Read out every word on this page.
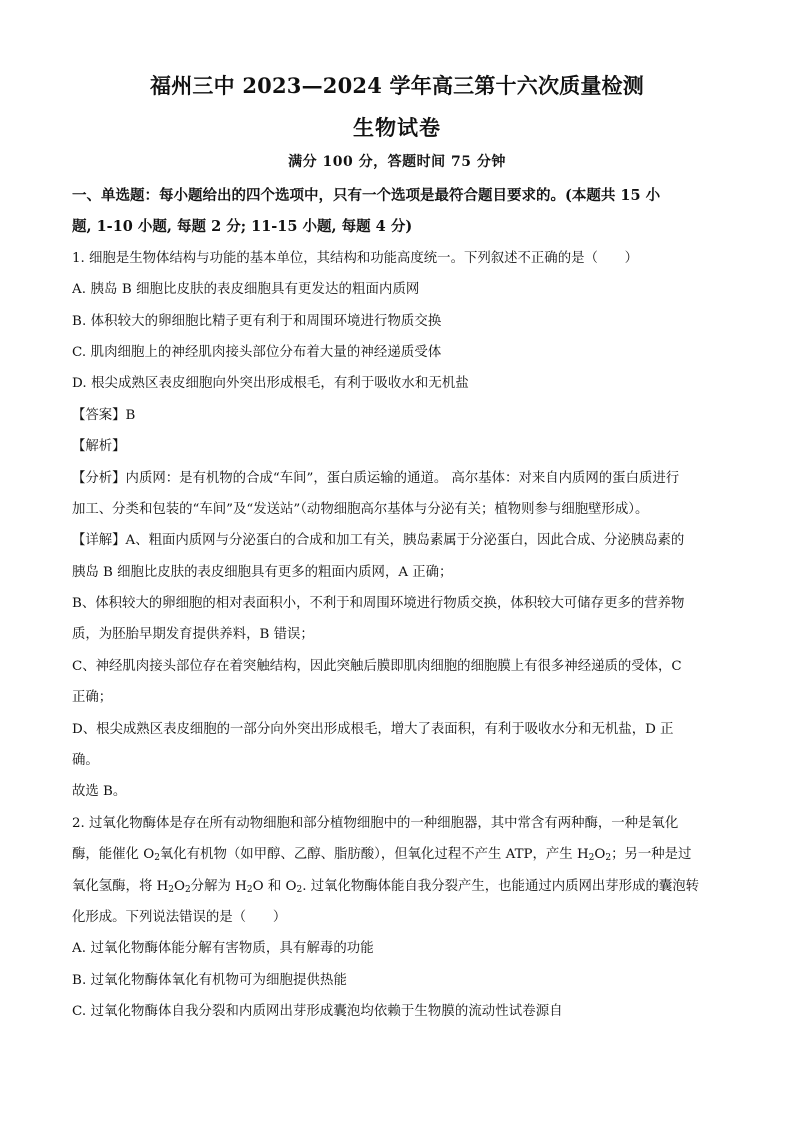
福州三中 2023—2024 学年高三第十六次质量检测
生物试卷
满分 100 分，答题时间 75 分钟
一、单选题：每小题给出的四个选项中，只有一个选项是最符合题目要求的。(本题共 15 小
题, 1-10 小题, 每题 2 分; 11-15 小题, 每题 4 分)
1. 细胞是生物体结构与功能的基本单位，其结构和功能高度统一。下列叙述不正确的是（　　）
A. 胰岛 B 细胞比皮肤的表皮细胞具有更发达的粗面内质网
B. 体积较大的卵细胞比精子更有利于和周围环境进行物质交换
C. 肌肉细胞上的神经肌肉接头部位分布着大量的神经递质受体
D. 根尖成熟区表皮细胞向外突出形成根毛，有利于吸收水和无机盐
【答案】B
【解析】
【分析】内质网：是有机物的合成“车间”，蛋白质运输的通道。 高尔基体：对来自内质网的蛋白质进行
加工、分类和包装的“车间”及“发送站”（动物细胞高尔基体与分泌有关；植物则参与细胞壁形成）。
【详解】A、粗面内质网与分泌蛋白的合成和加工有关，胰岛素属于分泌蛋白，因此合成、分泌胰岛素的
胰岛 B 细胞比皮肤的表皮细胞具有更多的粗面内质网，A 正确；
B、体积较大的卵细胞的相对表面积小，不利于和周围环境进行物质交换，体积较大可储存更多的营养物
质，为胚胎早期发育提供养料，B 错误；
C、神经肌肉接头部位存在着突触结构，因此突触后膜即肌肉细胞的细胞膜上有很多神经递质的受体，C
正确；
D、根尖成熟区表皮细胞的一部分向外突出形成根毛，增大了表面积，有利于吸收水分和无机盐，D 正
确。
故选 B。
2. 过氧化物酶体是存在所有动物细胞和部分植物细胞中的一种细胞器，其中常含有两种酶，一种是氧化
酶，能催化 $O_2$氧化有机物（如甲醇、乙醇、脂肪酸），但氧化过程不产生 ATP，产生 $H_2O_2$；另一种是过
氧化氢酶，将 $H_2O_2$分解为 $H_2O$ 和 $O_2$. 过氧化物酶体能自我分裂产生，也能通过内质网出芽形成的囊泡转
化形成。下列说法错误的是（　　）
A. 过氧化物酶体能分解有害物质，具有解毒的功能
B. 过氧化物酶体氧化有机物可为细胞提供热能
C. 过氧化物酶体自我分裂和内质网出芽形成囊泡均依赖于生物膜的流动性试卷源自
